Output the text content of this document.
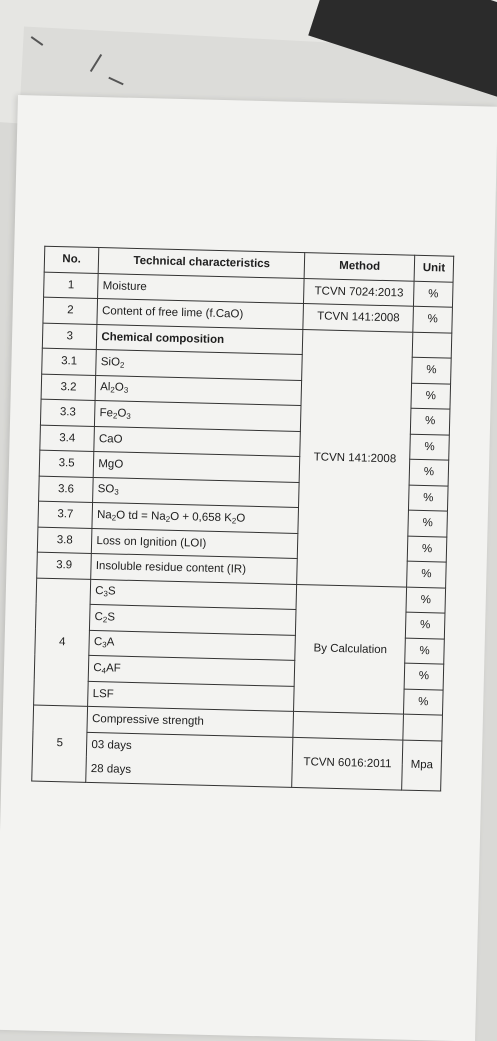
No.	Technical characteristics	Method	Unit
1	Moisture	TCVN 7024:2013	%
2	Content of free lime (f.CaO)	TCVN 141:2008	%
3	Chemical composition	TCVN 141:2008	
3.1	SiO$_2$		%
3.2	$Al_2O_3$		%
3.3	$Fe_2O_3$		%
3.4	CaO		%
3.5	MgO		%
3.6	$SO_3$		%
3.7	$Na_2O$ td = $Na_2O + 0,658$ $K_2O$		%
3.8	Loss on Ignition (LOI)		%
3.9	Insoluble residue content (IR)		%
4	$C_3S$	By Calculation	%
	$C_2S$		%
	$C_3A$		%
	$C_4AF$		%
	LSF		%
5	Compressive strength		
	03 days	TCVN 6016:2011	Mpa
	28 days		
